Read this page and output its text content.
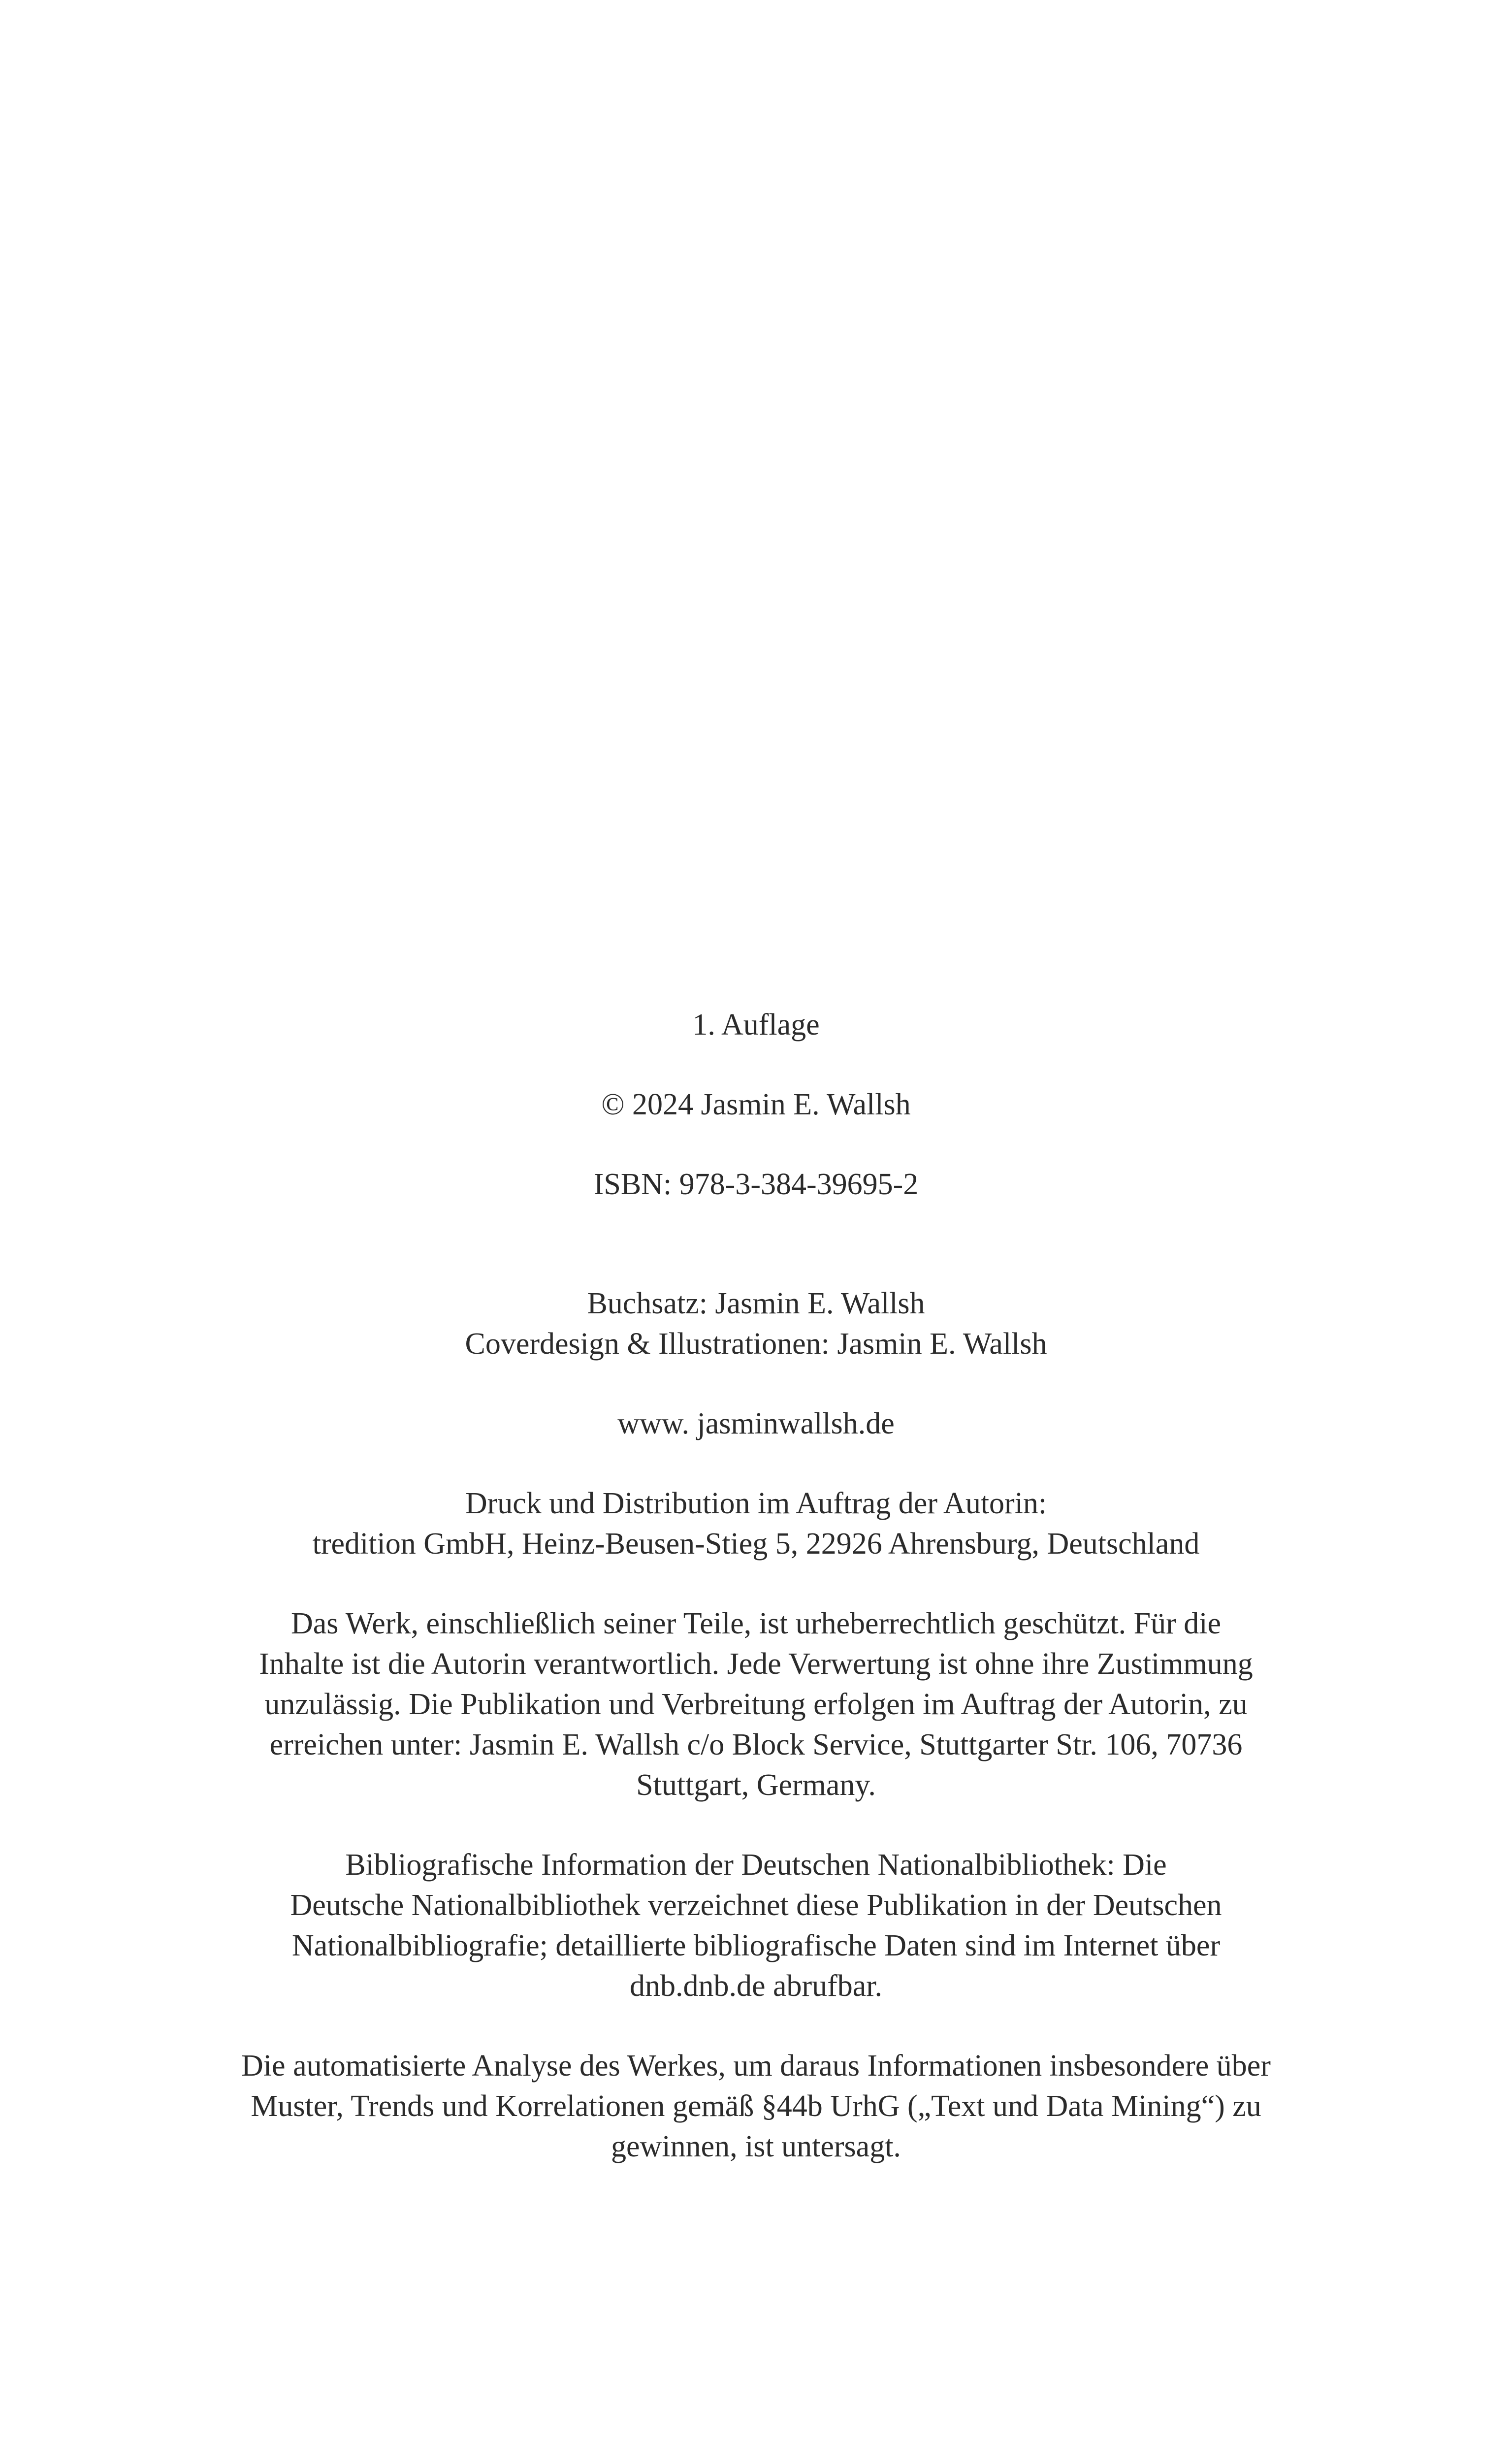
1. Auflage
© 2024 Jasmin E. Wallsh
ISBN: 978-3-384-39695-2
Buchsatz: Jasmin E. Wallsh
Coverdesign & Illustrationen: Jasmin E. Wallsh
www. jasminwallsh.de
Druck und Distribution im Auftrag der Autorin:
tredition GmbH, Heinz-Beusen-Stieg 5, 22926 Ahrensburg, Deutschland
Das Werk, einschließlich seiner Teile, ist urheberrechtlich geschützt. Für die
Inhalte ist die Autorin verantwortlich. Jede Verwertung ist ohne ihre Zustimmung
unzulässig. Die Publikation und Verbreitung erfolgen im Auftrag der Autorin, zu
erreichen unter: Jasmin E. Wallsh c/o Block Service, Stuttgarter Str. 106, 70736
Stuttgart, Germany.
Bibliografische Information der Deutschen Nationalbibliothek: Die
Deutsche Nationalbibliothek verzeichnet diese Publikation in der Deutschen
Nationalbibliografie; detaillierte bibliografische Daten sind im Internet über
dnb.dnb.de abrufbar.
Die automatisierte Analyse des Werkes, um daraus Informationen insbesondere über
Muster, Trends und Korrelationen gemäß §44b UrhG („Text und Data Mining“) zu
gewinnen, ist untersagt.
